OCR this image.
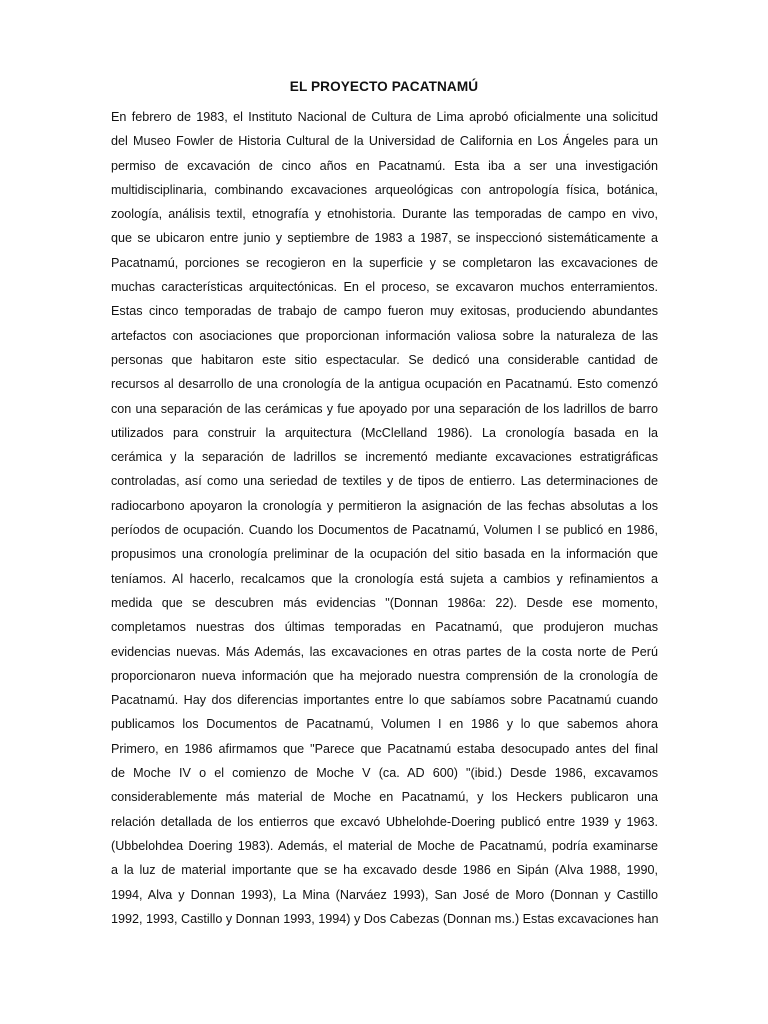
EL PROYECTO PACATNAMÚ
En febrero de 1983, el Instituto Nacional de Cultura de Lima aprobó oficialmente una solicitud
del Museo Fowler de Historia Cultural de la Universidad de California en Los Ángeles para un
permiso de excavación de cinco años en Pacatnamú. Esta iba a ser una investigación
multidisciplinaria, combinando excavaciones arqueológicas con antropología física, botánica,
zoología, análisis textil, etnografía y etnohistoria. Durante las temporadas de campo en vivo,
que se ubicaron entre junio y septiembre de 1983 a 1987, se inspeccionó sistemáticamente a
Pacatnamú, porciones se recogieron en la superficie y se completaron las excavaciones de
muchas características arquitectónicas. En el proceso, se excavaron muchos enterramientos.
Estas cinco temporadas de trabajo de campo fueron muy exitosas, produciendo abundantes
artefactos con asociaciones que proporcionan información valiosa sobre la naturaleza de las
personas que habitaron este sitio espectacular. Se dedicó una considerable cantidad de
recursos al desarrollo de una cronología de la antigua ocupación en Pacatnamú. Esto comenzó
con una separación de las cerámicas y fue apoyado por una separación de los ladrillos de barro
utilizados para construir la arquitectura (McClelland 1986). La cronología basada en la
cerámica y la separación de ladrillos se incrementó mediante excavaciones estratigráficas
controladas, así como una seriedad de textiles y de tipos de entierro. Las determinaciones de
radiocarbono apoyaron la cronología y permitieron la asignación de las fechas absolutas a los
períodos de ocupación. Cuando los Documentos de Pacatnamú, Volumen I se publicó en 1986,
propusimos una cronología preliminar de la ocupación del sitio basada en la información que
teníamos. Al hacerlo, recalcamos que la cronología está sujeta a cambios y refinamientos a
medida que se descubren más evidencias "(Donnan 1986a: 22). Desde ese momento,
completamos nuestras dos últimas temporadas en Pacatnamú, que produjeron muchas
evidencias nuevas. Más Además, las excavaciones en otras partes de la costa norte de Perú
proporcionaron nueva información que ha mejorado nuestra comprensión de la cronología de
Pacatnamú. Hay dos diferencias importantes entre lo que sabíamos sobre Pacatnamú cuando
publicamos los Documentos de Pacatnamú, Volumen I en 1986 y lo que sabemos ahora
Primero, en 1986 afirmamos que "Parece que Pacatnamú estaba desocupado antes del final
de Moche IV o el comienzo de Moche V (ca. AD 600) "(ibid.) Desde 1986, excavamos
considerablemente más material de Moche en Pacatnamú, y los Heckers publicaron una
relación detallada de los entierros que excavó Ubhelohde-Doering publicó entre 1939 y 1963.
(Ubbelohdea Doering 1983). Además, el material de Moche de Pacatnamú, podría examinarse
a la luz de material importante que se ha excavado desde 1986 en Sipán (Alva 1988, 1990,
1994, Alva y Donnan 1993), La Mina (Narváez 1993), San José de Moro (Donnan y Castillo
1992, 1993, Castillo y Donnan 1993, 1994) y Dos Cabezas (Donnan ms.) Estas excavaciones han
